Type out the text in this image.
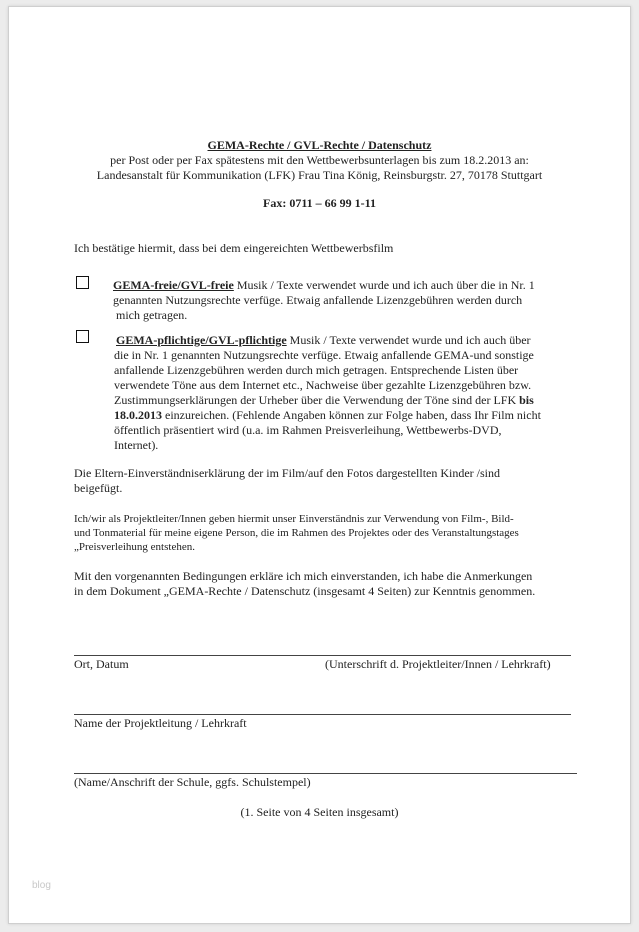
GEMA-Rechte / GVL-Rechte / Datenschutz
per Post oder per Fax spätestens mit den Wettbewerbsunterlagen bis zum 18.2.2013 an:
Landesanstalt für Kommunikation (LFK) Frau Tina König, Reinsburgstr. 27, 70178 Stuttgart
Fax: 0711 – 66 99 1-11
Ich bestätige hiermit, dass bei dem eingereichten Wettbewerbsfilm
GEMA-freie/GVL-freie Musik / Texte verwendet wurde und ich auch über die in Nr. 1
genannten Nutzungsrechte verfüge. Etwaig anfallende Lizenzgebühren werden durch
mich getragen.
GEMA-pflichtige/GVL-pflichtige Musik / Texte verwendet wurde und ich auch über
die in Nr. 1 genannten Nutzungsrechte verfüge. Etwaig anfallende GEMA-und sonstige
anfallende Lizenzgebühren werden durch mich getragen. Entsprechende Listen über
verwendete Töne aus dem Internet etc., Nachweise über gezahlte Lizenzgebühren bzw.
Zustimmungserklärungen der Urheber über die Verwendung der Töne sind der LFK bis
18.0.2013 einzureichen. (Fehlende Angaben können zur Folge haben, dass Ihr Film nicht
öffentlich präsentiert wird (u.a. im Rahmen Preisverleihung, Wettbewerbs-DVD,
Internet).
Die Eltern-Einverständniserklärung der im Film/auf den Fotos dargestellten Kinder /sind
beigefügt.
Ich/wir als Projektleiter/Innen geben hiermit unser Einverständnis zur Verwendung von Film-, Bild-
und Tonmaterial für meine eigene Person, die im Rahmen des Projektes oder des Veranstaltungstages
„Preisverleihung entstehen.
Mit den vorgenannten Bedingungen erkläre ich mich einverstanden, ich habe die Anmerkungen
in dem Dokument „GEMA-Rechte / Datenschutz (insgesamt 4 Seiten) zur Kenntnis genommen.
Ort, Datum	(Unterschrift d. Projektleiter/Innen / Lehrkraft)
Name der Projektleitung / Lehrkraft
(Name/Anschrift der Schule, ggfs. Schulstempel)
(1. Seite von 4 Seiten insgesamt)
blog
